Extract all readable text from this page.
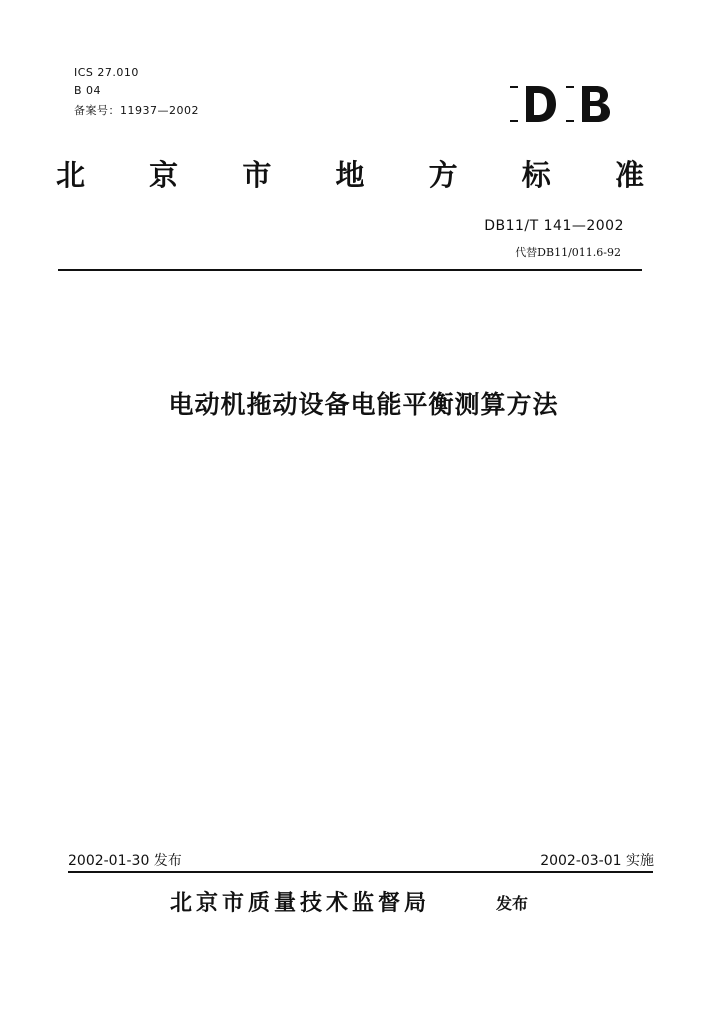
ICS 27.010
B 04
备案号：11937—2002
北 京 市 地 方 标 准
DB11/T 141—2002
代替DB11/011.6-92
电动机拖动设备电能平衡测算方法
2002-01-30 发布	2002-03-01 实施
北京市质量技术监督局	发布
